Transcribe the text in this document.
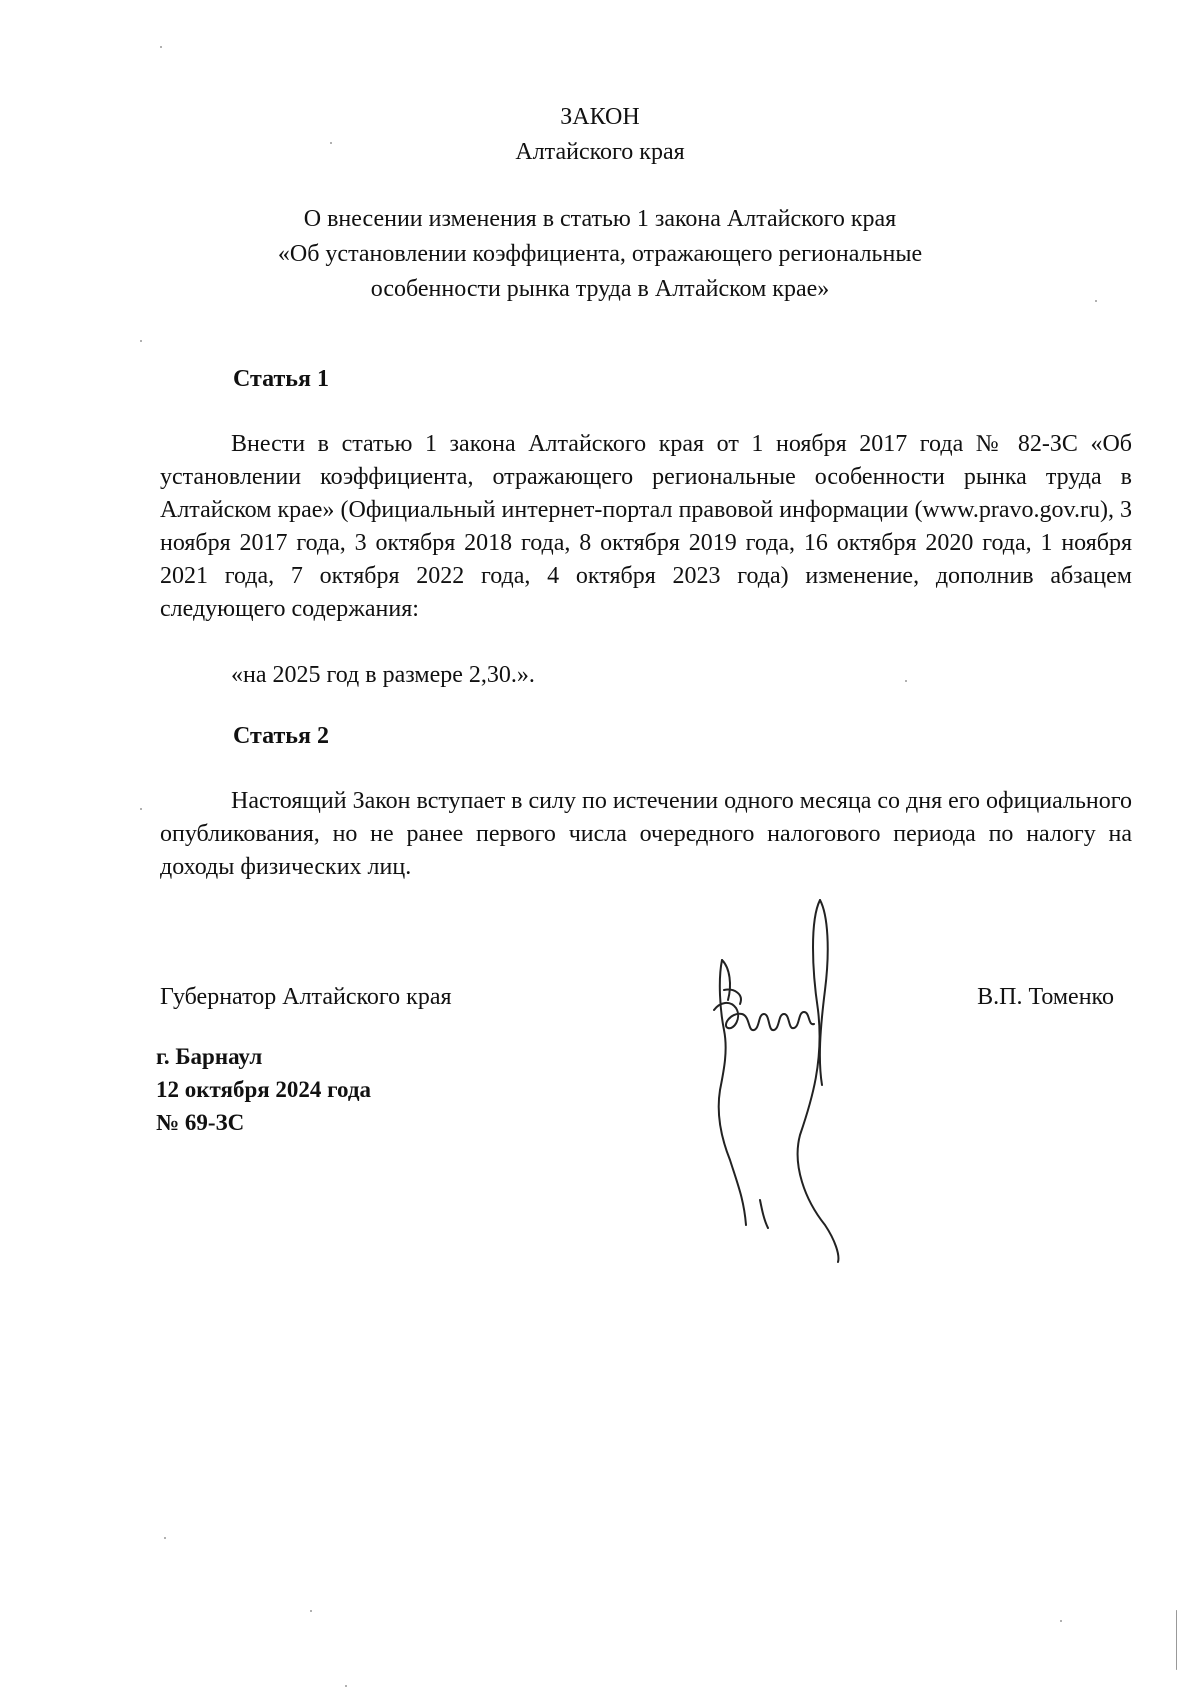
ЗАКОН
Алтайского края
О внесении изменения в статью 1 закона Алтайского края
«Об установлении коэффициента, отражающего региональные
особенности рынка труда в Алтайском крае»
Статья 1
Внести в статью 1 закона Алтайского края от 1 ноября 2017 года № 82-ЗС «Об установлении коэффициента, отражающего региональные особенности рынка труда в Алтайском крае» (Официальный интернет-портал правовой информации (www.pravo.gov.ru), 3 ноября 2017 года, 3 октября 2018 года, 8 октября 2019 года, 16 октября 2020 года, 1 ноября 2021 года, 7 октября 2022 года, 4 октября 2023 года) изменение, дополнив абзацем следующего содержания:
«на 2025 год в размере 2,30.».
Статья 2
Настоящий Закон вступает в силу по истечении одного месяца со дня его официального опубликования, но не ранее первого числа очередного налогового периода по налогу на доходы физических лиц.
Губернатор Алтайского края	В.П. Томенко
г. Барнаул
12 октября 2024 года
№ 69-ЗС
